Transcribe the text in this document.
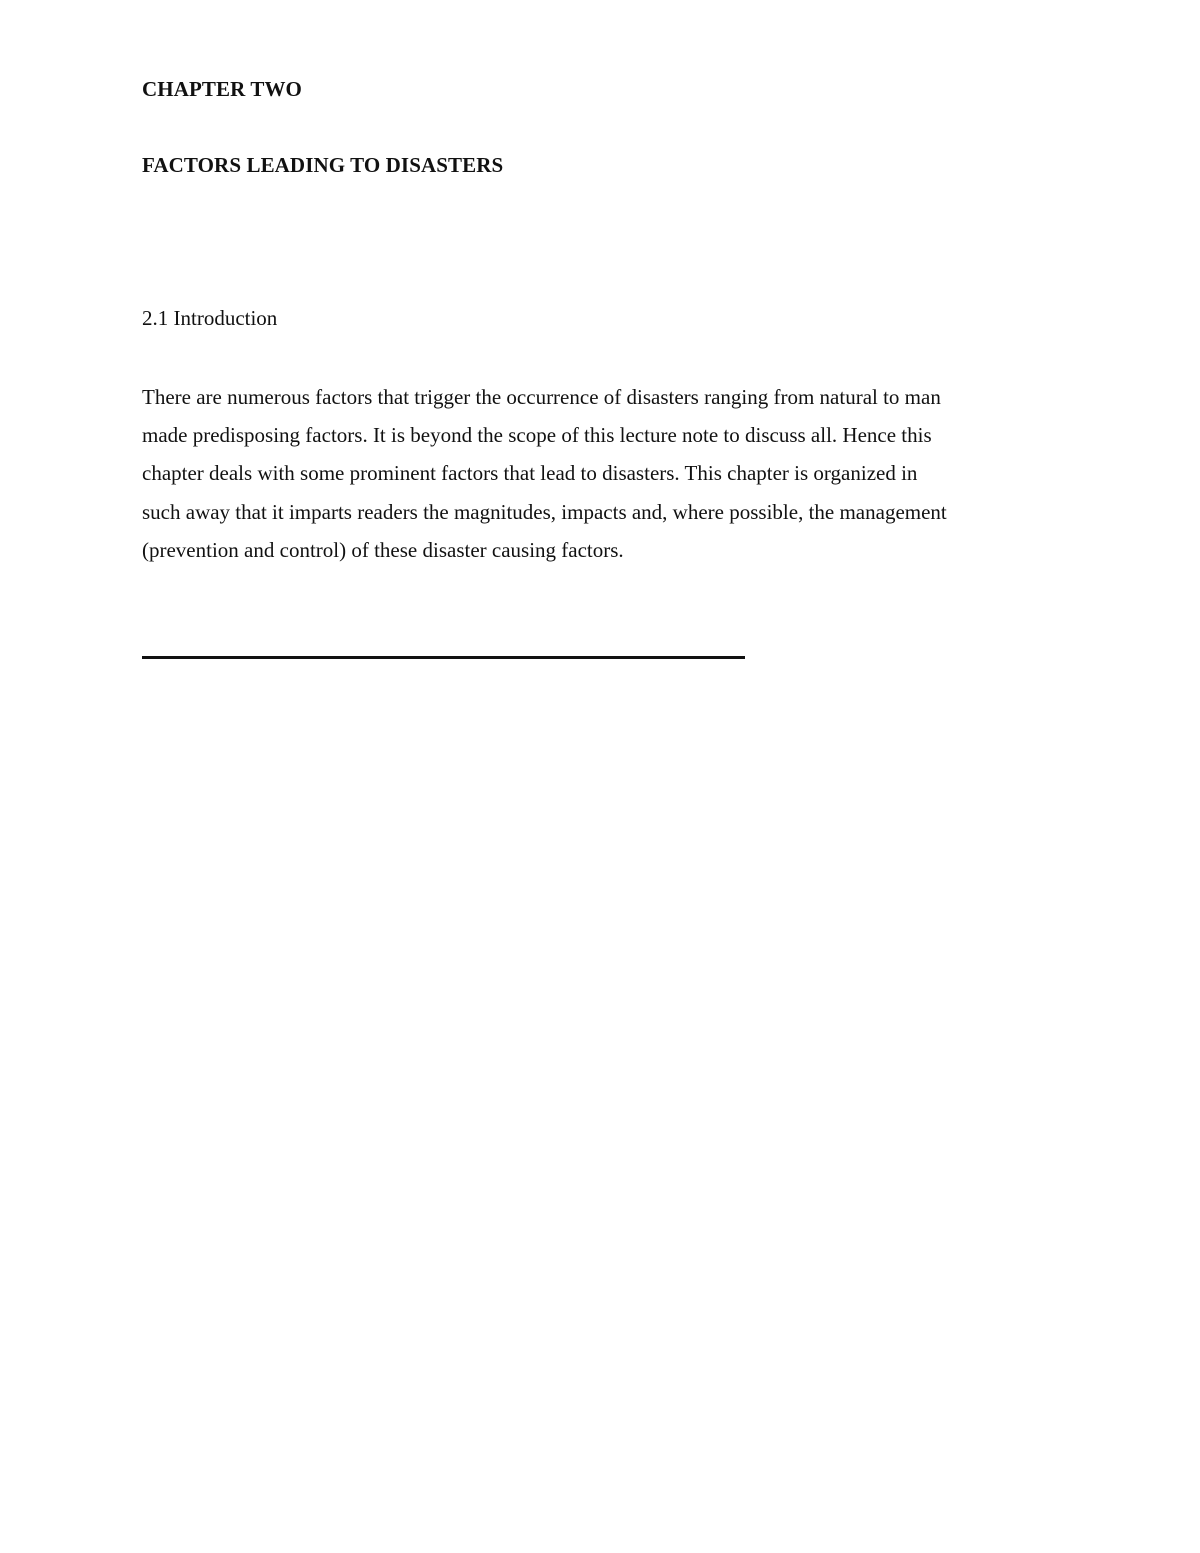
CHAPTER TWO
FACTORS LEADING TO DISASTERS
2.1 Introduction

There are numerous factors that trigger the occurrence of disasters ranging from natural to man
made predisposing factors. It is beyond the scope of this lecture note to discuss all. Hence this
chapter deals with some prominent factors that lead to disasters. This chapter is organized in
such away that it imparts readers the magnitudes, impacts and, where possible, the management
(prevention and control) of these disaster causing factors.
